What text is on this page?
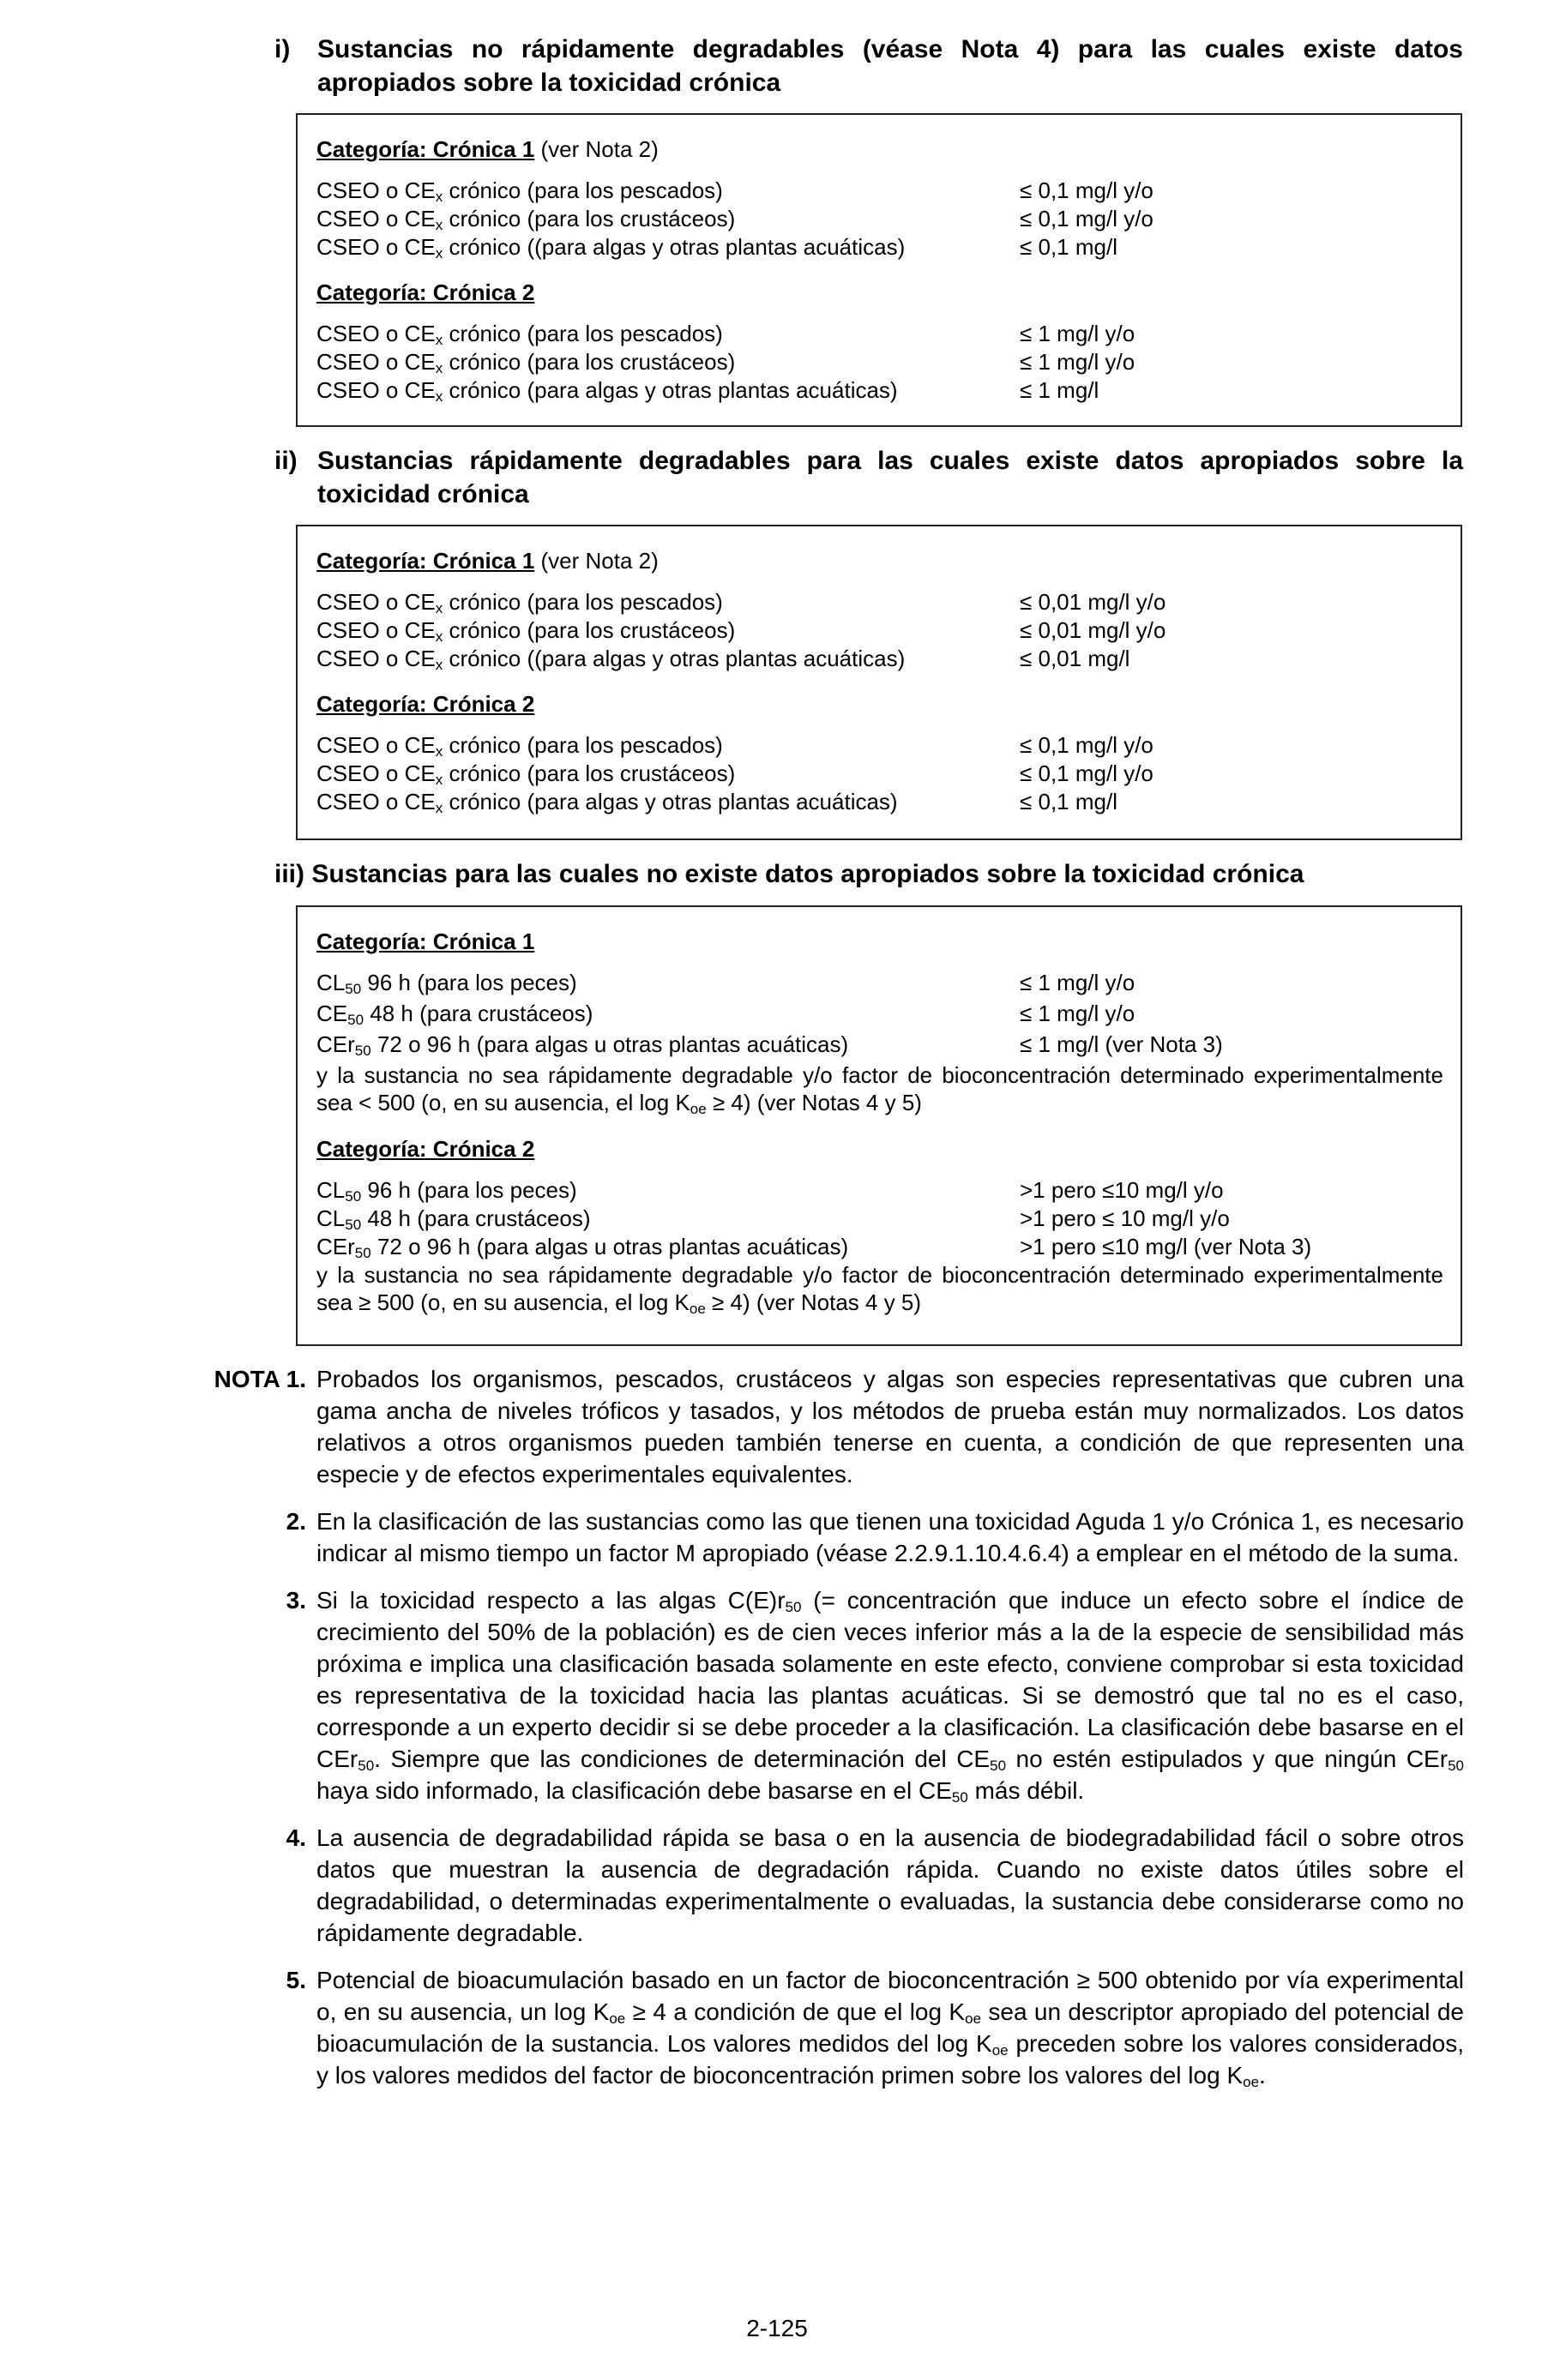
i) Sustancias no rápidamente degradables (véase Nota 4) para las cuales existe datos apropiados sobre la toxicidad crónica
Categoría: Crónica 1 (ver Nota 2)
CSEO o $CE_x$ crónico (para los pescados)	≤ 0,1 mg/l y/o
CSEO o $CE_x$ crónico (para los crustáceos)	≤ 0,1 mg/l y/o
CSEO o $CE_x$ crónico ((para algas y otras plantas acuáticas)	≤ 0,1 mg/l
Categoría: Crónica 2
CSEO o $CE_x$ crónico (para los pescados)	≤ 1 mg/l y/o
CSEO o $CE_x$ crónico (para los crustáceos)	≤ 1 mg/l y/o
CSEO o $CE_x$ crónico (para algas y otras plantas acuáticas)	≤ 1 mg/l
ii) Sustancias rápidamente degradables para las cuales existe datos apropiados sobre la toxicidad crónica
Categoría: Crónica 1 (ver Nota 2)
CSEO o $CE_x$ crónico (para los pescados)	≤ 0,01 mg/l y/o
CSEO o $CE_x$ crónico (para los crustáceos)	≤ 0,01 mg/l y/o
CSEO o $CE_x$ crónico ((para algas y otras plantas acuáticas)	≤ 0,01 mg/l
Categoría: Crónica 2
CSEO o $CE_x$ crónico (para los pescados)	≤ 0,1 mg/l y/o
CSEO o $CE_x$ crónico (para los crustáceos)	≤ 0,1 mg/l y/o
CSEO o $CE_x$ crónico (para algas y otras plantas acuáticas)	≤ 0,1 mg/l
iii) Sustancias para las cuales no existe datos apropiados sobre la toxicidad crónica
Categoría: Crónica 1
$CL_{50}$ 96 h (para los peces)	≤ 1 mg/l y/o
$CE_{50}$ 48 h (para crustáceos)	≤ 1 mg/l y/o
CEr$_{50}$ 72 o 96 h (para algas u otras plantas acuáticas)	≤ 1 mg/l (ver Nota 3)
y la sustancia no sea rápidamente degradable y/o factor de bioconcentración determinado experimentalmente sea < 500 (o, en su ausencia, el $\log K_{oe} \ge 4$) (ver Notas 4 y 5)
Categoría: Crónica 2
$CL_{50}$ 96 h (para los peces)	>1 pero ≤10 mg/l y/o
$CL_{50}$ 48 h (para crustáceos)	>1 pero ≤ 10 mg/l y/o
CEr$_{50}$ 72 o 96 h (para algas u otras plantas acuáticas)	>1 pero ≤10 mg/l (ver Nota 3)
y la sustancia no sea rápidamente degradable y/o factor de bioconcentración determinado experimentalmente sea ≥ 500 (o, en su ausencia, el $\log K_{oe} \ge 4$) (ver Notas 4 y 5)
NOTA 1. Probados los organismos, pescados, crustáceos y algas son especies representativas que cubren una gama ancha de niveles tróficos y tasados, y los métodos de prueba están muy normalizados. Los datos relativos a otros organismos pueden también tenerse en cuenta, a condición de que representen una especie y de efectos experimentales equivalentes.
2. En la clasificación de las sustancias como las que tienen una toxicidad Aguda 1 y/o Crónica 1, es necesario indicar al mismo tiempo un factor M apropiado (véase 2.2.9.1.10.4.6.4) a emplear en el método de la suma.
3. Si la toxicidad respecto a las algas $C(E)r_{50}$ (= concentración que induce un efecto sobre el índice de crecimiento del 50% de la población) es de cien veces inferior más a la de la especie de sensibilidad más próxima e implica una clasificación basada solamente en este efecto, conviene comprobar si esta toxicidad es representativa de la toxicidad hacia las plantas acuáticas. Si se demostró que tal no es el caso, corresponde a un experto decidir si se debe proceder a la clasificación. La clasificación debe basarse en el CEr$_{50}$. Siempre que las condiciones de determinación del $CE_{50}$ no estén estipulados y que ningún CEr$_{50}$ haya sido informado, la clasificación debe basarse en el $CE_{50}$ más débil.
4. La ausencia de degradabilidad rápida se basa o en la ausencia de biodegradabilidad fácil o sobre otros datos que muestran la ausencia de degradación rápida. Cuando no existe datos útiles sobre el degradabilidad, o determinadas experimentalmente o evaluadas, la sustancia debe considerarse como no rápidamente degradable.
5. Potencial de bioacumulación basado en un factor de bioconcentración ≥ 500 obtenido por vía experimental o, en su ausencia, un $\log K_{oe} \ge 4$ a condición de que el $\log K_{oe}$ sea un descriptor apropiado del potencial de bioacumulación de la sustancia. Los valores medidos del $\log K_{oe}$ preceden sobre los valores considerados, y los valores medidos del factor de bioconcentración primen sobre los valores del $\log K_{oe}$.
2-125
